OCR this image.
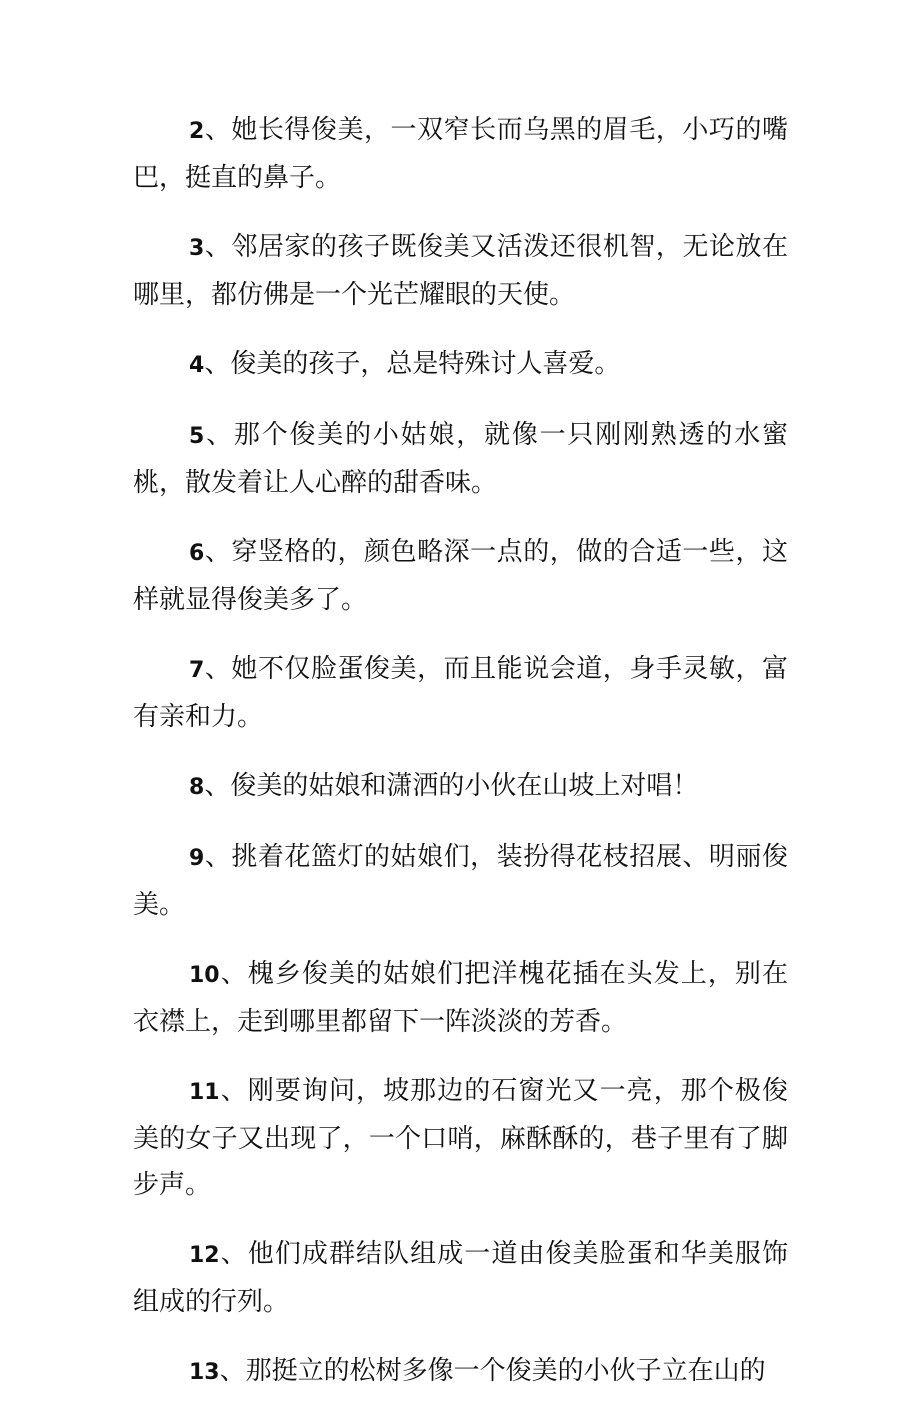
2、她长得俊美，一双窄长而乌黑的眉毛，小巧的嘴巴，挺直的鼻子。

3、邻居家的孩子既俊美又活泼还很机智，无论放在哪里，都仿佛是一个光芒耀眼的天使。

4、俊美的孩子，总是特殊讨人喜爱。

5、那个俊美的小姑娘，就像一只刚刚熟透的水蜜桃，散发着让人心醉的甜香味。

6、穿竖格的，颜色略深一点的，做的合适一些，这样就显得俊美多了。

7、她不仅脸蛋俊美，而且能说会道，身手灵敏，富有亲和力。

8、俊美的姑娘和潇洒的小伙在山坡上对唱！

9、挑着花篮灯的姑娘们，装扮得花枝招展、明丽俊美。

10、槐乡俊美的姑娘们把洋槐花插在头发上，别在衣襟上，走到哪里都留下一阵淡淡的芳香。

11、刚要询问，坡那边的石窗光又一亮，那个极俊美的女子又出现了，一个口哨，麻酥酥的，巷子里有了脚步声。

12、他们成群结队组成一道由俊美脸蛋和华美服饰组成的行列。

13、那挺立的松树多像一个俊美的小伙子立在山的
